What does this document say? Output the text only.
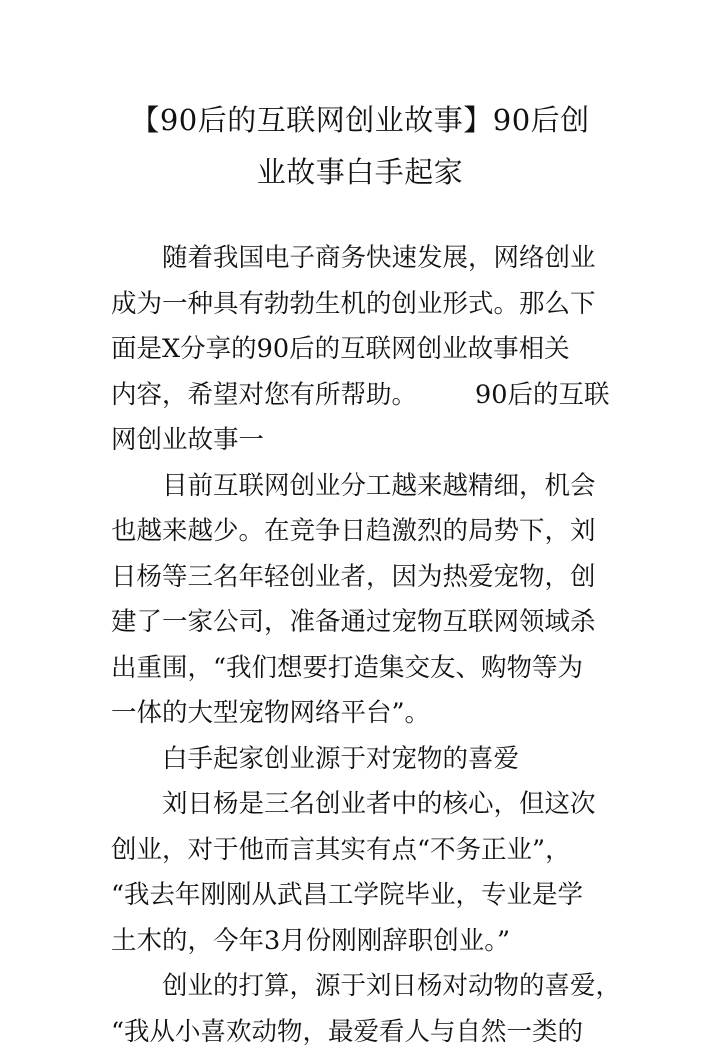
【90后的互联网创业故事】90后创
业故事白手起家
随着我国电子商务快速发展，网络创业
成为一种具有勃勃生机的创业形式。那么下
面是X分享的90后的互联网创业故事相关
内容，希望对您有所帮助。 90后的互联
网创业故事一
目前互联网创业分工越来越精细，机会
也越来越少。在竞争日趋激烈的局势下，刘
日杨等三名年轻创业者，因为热爱宠物，创
建了一家公司，准备通过宠物互联网领域杀
出重围，“我们想要打造集交友、购物等为
一体的大型宠物网络平台”。
白手起家创业源于对宠物的喜爱
刘日杨是三名创业者中的核心，但这次
创业，对于他而言其实有点“不务正业”，
“我去年刚刚从武昌工学院毕业，专业是学
土木的，今年3月份刚刚辞职创业。”
创业的打算，源于刘日杨对动物的喜爱，
“我从小喜欢动物，最爱看人与自然一类的
